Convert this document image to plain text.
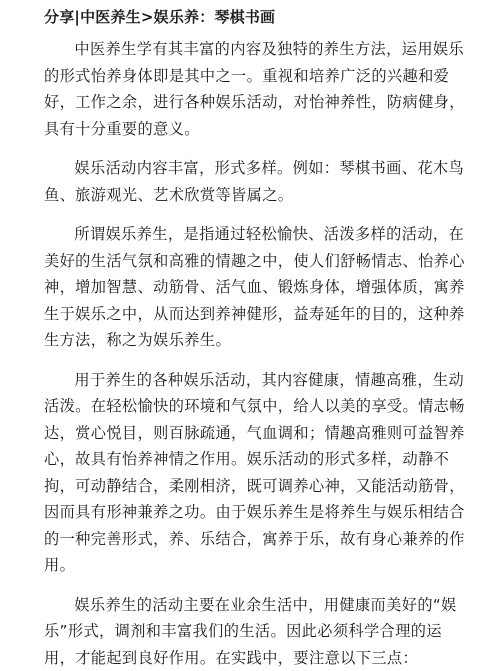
分享|中医养生>娱乐养：琴棋书画

中医养生学有其丰富的内容及独特的养生方法，运用娱乐的形式怡养身体即是其中之一。重视和培养广泛的兴趣和爱好，工作之余，进行各种娱乐活动，对怡神养性，防病健身，具有十分重要的意义。

娱乐活动内容丰富，形式多样。例如：琴棋书画、花木鸟鱼、旅游观光、艺术欣赏等皆属之。

所谓娱乐养生，是指通过轻松愉快、活泼多样的活动，在美好的生活气氛和高雅的情趣之中，使人们舒畅情志、怡养心神，增加智慧、动筋骨、活气血、锻炼身体，增强体质，寓养生于娱乐之中，从而达到养神健形，益寿延年的目的，这种养生方法，称之为娱乐养生。

用于养生的各种娱乐活动，其内容健康，情趣高雅，生动活泼。在轻松愉快的环境和气氛中，给人以美的享受。情志畅达，赏心悦目，则百脉疏通，气血调和；情趣高雅则可益智养心，故具有怡养神情之作用。娱乐活动的形式多样，动静不拘，可动静结合，柔刚相济，既可调养心神，又能活动筋骨，因而具有形神兼养之功。由于娱乐养生是将养生与娱乐相结合的一种完善形式，养、乐结合，寓养于乐，故有身心兼养的作用。

娱乐养生的活动主要在业余生活中，用健康而美好的“娱乐”形式，调剂和丰富我们的生活。因此必须科学合理的运用，才能起到良好作用。在实践中，要注意以下三点：
